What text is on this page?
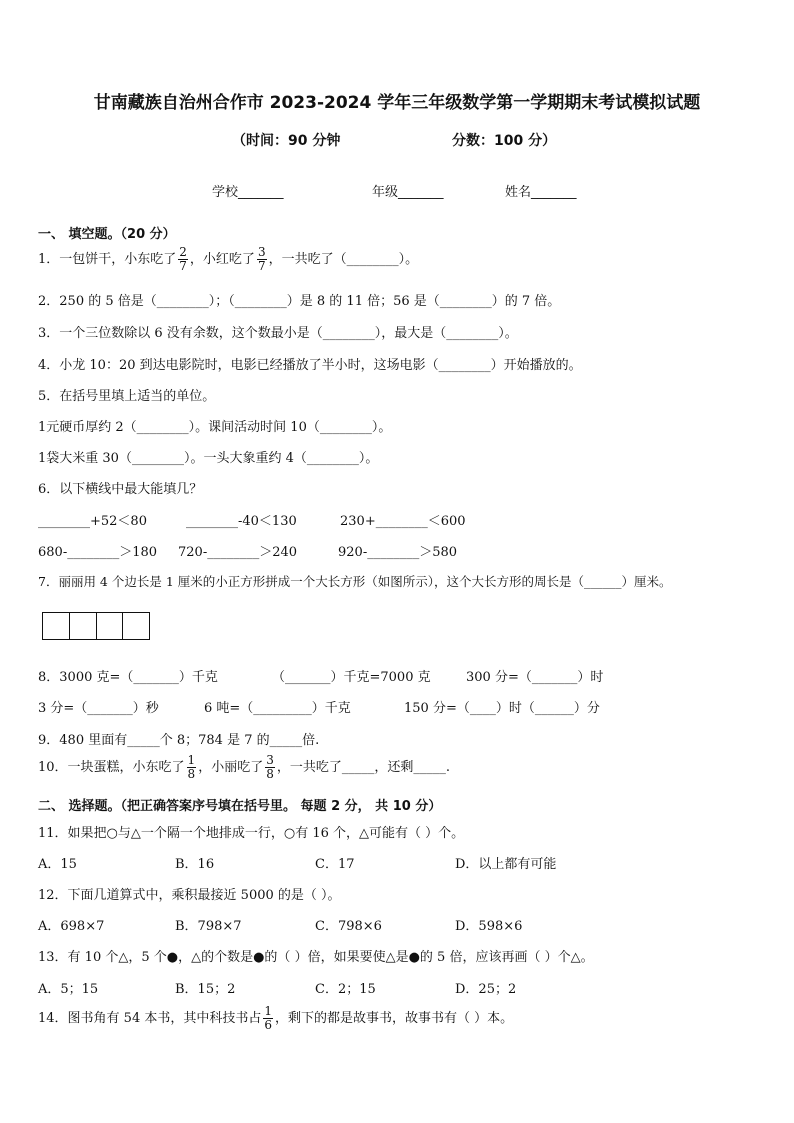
甘南藏族自治州合作市 2023-2024 学年三年级数学第一学期期末考试模拟试题
（时间：90 分钟	分数：100 分）
学校_______	年级_______	姓名_______
一、 填空题。（20 分）
1．一包饼干，小东吃了 $\frac{2}{7}$ ，小红吃了 $\frac{3}{7}$ ，一共吃了（________）。
2．250 的 5 倍是（________）；（________）是 8 的 11 倍；56 是（________）的 7 倍。
3．一个三位数除以 6 没有余数，这个数最小是（________），最大是（________）。
4．小龙 10：20 到达电影院时，电影已经播放了半小时，这场电影（________）开始播放的。
5．在括号里填上适当的单位。
1元硬币厚约 2（________）。课间活动时间 10（________）。
1袋大米重 30（________）。一头大象重约 4（________）。
6．以下横线中最大能填几？
________+52＜80	________-40＜130	230+________＜600
680-________＞180 720-________＞240	920-________＞580
7．丽丽用 4 个边长是 1 厘米的小正方形拼成一个大长方形（如图所示），这个大长方形的周长是（______）厘米。
8．3000 克=（_______）千克	（_______）千克=7000 克	300 分=（_______）时
3 分=（_______）秒	6 吨=（_________）千克	150 分=（____）时（______）分
9．480 里面有_____个 8；784 是 7 的_____倍.
10．一块蛋糕，小东吃了 $\frac{1}{8}$ ，小丽吃了 $\frac{3}{8}$ ，一共吃了_____，还剩_____.
二、 选择题。（把正确答案序号填在括号里。 每题 2 分， 共 10 分）
11．如果把○与△一个隔一个地排成一行，○有 16 个，△可能有（ ）个。
A．15	B．16	C．17	D．以上都有可能
12．下面几道算式中，乘积最接近 5000 的是（ ）。
A．698×7	B．798×7	C．798×6	D．598×6
13．有 10 个△，5 个●，△的个数是●的（ ）倍，如果要使△是●的 5 倍，应该再画（ ）个△。
A．5；15	B．15；2	C．2；15	D．25；2
14．图书角有 54 本书，其中科技书占 $\frac{1}{6}$ ，剩下的都是故事书，故事书有（ ）本。
